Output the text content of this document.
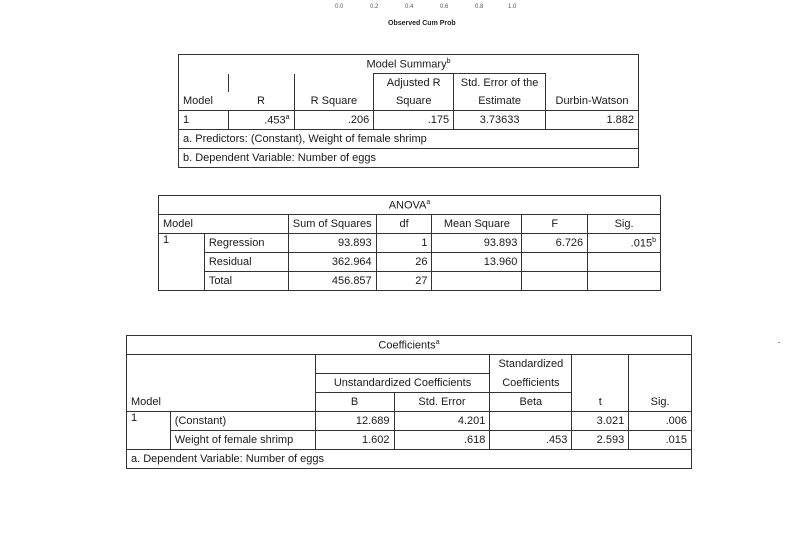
0.0	0.2	0.4	0.6	0.8	1.0
Observed Cum Prob
Model Summary$^b$
			Adjusted R	Std. Error of the	
Model	R	R Square	Square	Estimate	Durbin-Watson
1	.453$^a$	.206	.175	3.73633	1.882
a. Predictors: (Constant), Weight of female shrimp					
b. Dependent Variable: Number of eggs					
ANOVA$^a$
Model		Sum of Squares	df	Mean Square	F	Sig.
1	Regression	93.893	1	93.893	6.726	.015$^b$
	Residual	362.964	26	13.960		
	Total	456.857	27			
Coefficients$^a$
				Standardized		
		Unstandardized Coefficients		Coefficients		
Model		B	Std. Error	Beta	t	Sig.
1	(Constant)	12.689	4.201		3.021	.006
	Weight of female shrimp	1.602	.618	.453	2.593	.015
a. Dependent Variable: Number of eggs						
